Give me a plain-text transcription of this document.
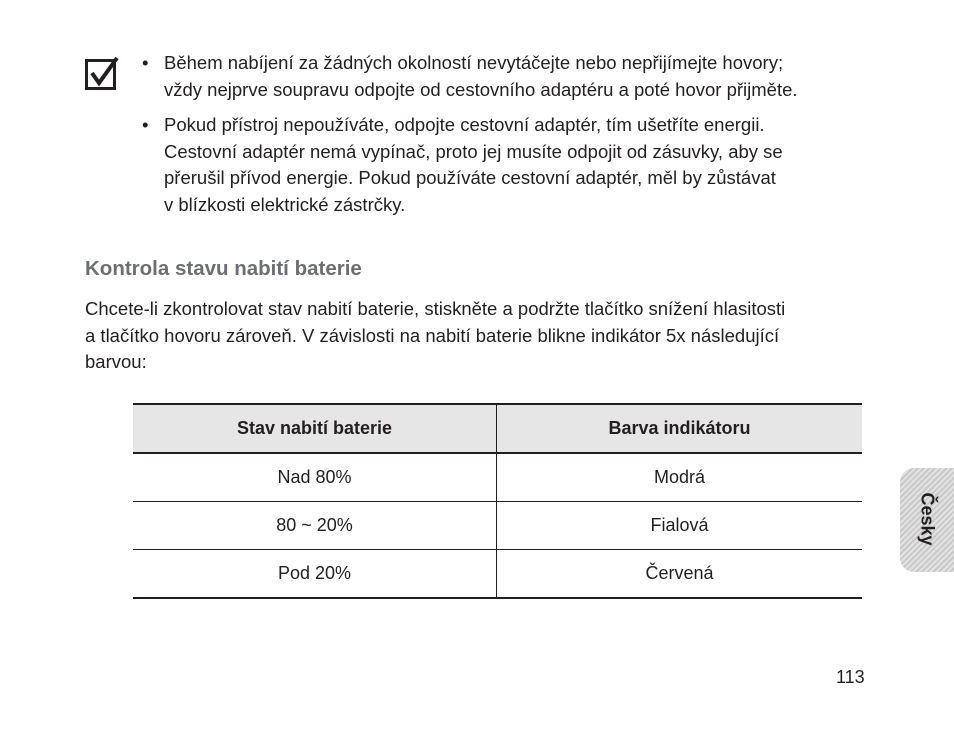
• Během nabíjení za žádných okolností nevytáčejte nebo nepřijímejte hovory;
vždy nejprve soupravu odpojte od cestovního adaptéru a poté hovor přijměte.
• Pokud přístroj nepoužíváte, odpojte cestovní adaptér, tím ušetříte energii.
Cestovní adaptér nemá vypínač, proto jej musíte odpojit od zásuvky, aby se
přerušil přívod energie. Pokud používáte cestovní adaptér, měl by zůstávat
v blízkosti elektrické zástrčky.
Kontrola stavu nabití baterie

Chcete-li zkontrolovat stav nabití baterie, stiskněte a podržte tlačítko snížení hlasitosti
a tlačítko hovoru zároveň. V závislosti na nabití baterie blikne indikátor 5x následující
barvou:

Stav nabití baterie	Barva indikátoru
Nad 80%	Modrá
80 ~ 20%	Fialová
Pod 20%	Červená
Česky
113
